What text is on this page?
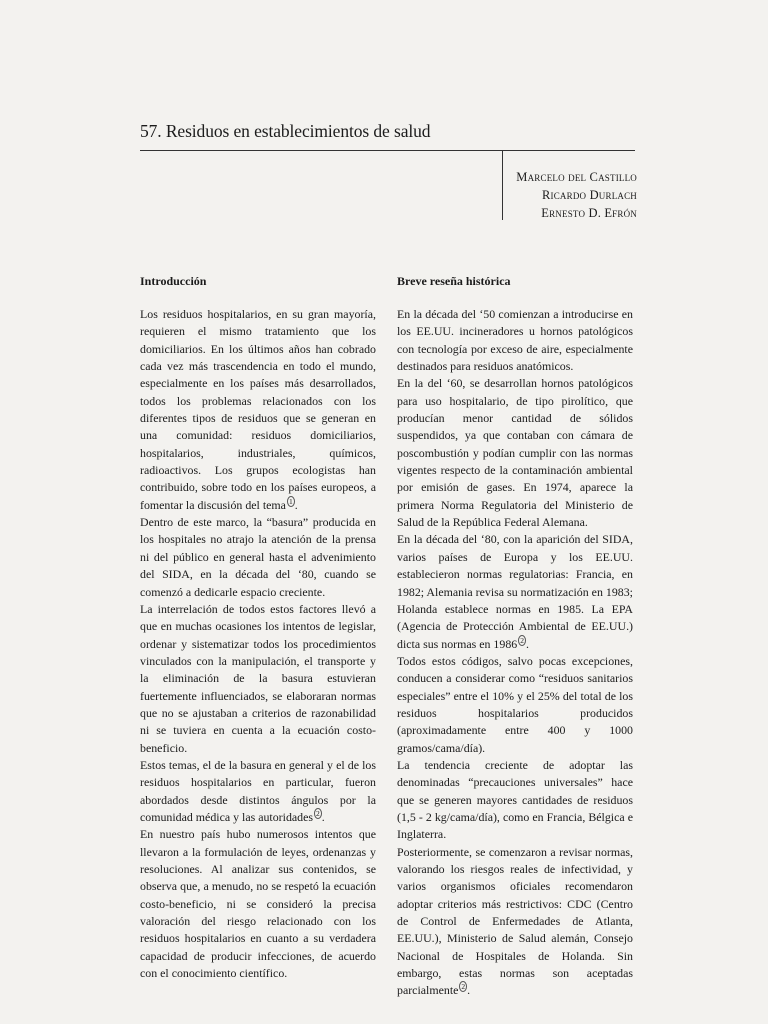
57. Residuos en establecimientos de salud
Marcelo del Castillo
Ricardo Durlach
Ernesto D. Efrón
Introducción

Los residuos hospitalarios, en su gran mayoría, requieren el mismo tratamiento que los domiciliarios. En los últimos años han cobrado cada vez más trascendencia en todo el mundo, especialmente en los países más desarrollados, todos los problemas relacionados con los diferentes tipos de residuos que se generan en una comunidad: residuos domiciliarios, hospitalarios, industriales, químicos, radioactivos. Los grupos ecologistas han contribuido, sobre todo en los países europeos, a fomentar la discusión del tema $^1$ .

Dentro de este marco, la “basura” producida en los hospitales no atrajo la atención de la prensa ni del público en general hasta el advenimiento del SIDA, en la década del ‘80, cuando se comenzó a dedicarle espacio creciente.

La interrelación de todos estos factores llevó a que en muchas ocasiones los intentos de legislar, ordenar y sistematizar todos los procedimientos vinculados con la manipulación, el transporte y la eliminación de la basura estuvieran fuertemente influenciados, se elaboraran normas que no se ajustaban a criterios de razonabilidad ni se tuviera en cuenta a la ecuación costo-beneficio.

Estos temas, el de la basura en general y el de los residuos hospitalarios en particular, fueron abordados desde distintos ángulos por la comunidad médica y las autoridades $^2$ .

En nuestro país hubo numerosos intentos que llevaron a la formulación de leyes, ordenanzas y resoluciones. Al analizar sus contenidos, se observa que, a menudo, no se respetó la ecuación costo-beneficio, ni se consideró la precisa valoración del riesgo relacionado con los residuos hospitalarios en cuanto a su verdadera capacidad de producir infecciones, de acuerdo con el conocimiento científico.

Breve reseña histórica

En la década del ‘50 comienzan a introducirse en los EE.UU. incineradores u hornos patológicos con tecnología por exceso de aire, especialmente destinados para residuos anatómicos.

En la del ‘60, se desarrollan hornos patológicos para uso hospitalario, de tipo pirolítico, que producían menor cantidad de sólidos suspendidos, ya que contaban con cámara de poscombustión y podían cumplir con las normas vigentes respecto de la contaminación ambiental por emisión de gases. En 1974, aparece la primera Norma Regulatoria del Ministerio de Salud de la República Federal Alemana.

En la década del ‘80, con la aparición del SIDA, varios países de Europa y los EE.UU. establecieron normas regulatorias: Francia, en 1982; Alemania revisa su normatización en 1983; Holanda establece normas en 1985. La EPA (Agencia de Protección Ambiental de EE.UU.) dicta sus normas en 1986 $^2$ .

Todos estos códigos, salvo pocas excepciones, conducen a considerar como “residuos sanitarios especiales” entre el 10% y el 25% del total de los residuos hospitalarios producidos (aproximadamente entre 400 y 1000 gramos/cama/día).

La tendencia creciente de adoptar las denominadas “precauciones universales” hace que se generen mayores cantidades de residuos (1,5 - 2 kg/cama/día), como en Francia, Bélgica e Inglaterra.

Posteriormente, se comenzaron a revisar normas, valorando los riesgos reales de infectividad, y varios organismos oficiales recomendaron adoptar criterios más restrictivos: CDC (Centro de Control de Enfermedades de Atlanta, EE.UU.), Ministerio de Salud alemán, Consejo Nacional de Hospitales de Holanda. Sin embargo, estas normas son aceptadas parcialmente $^2$ .
